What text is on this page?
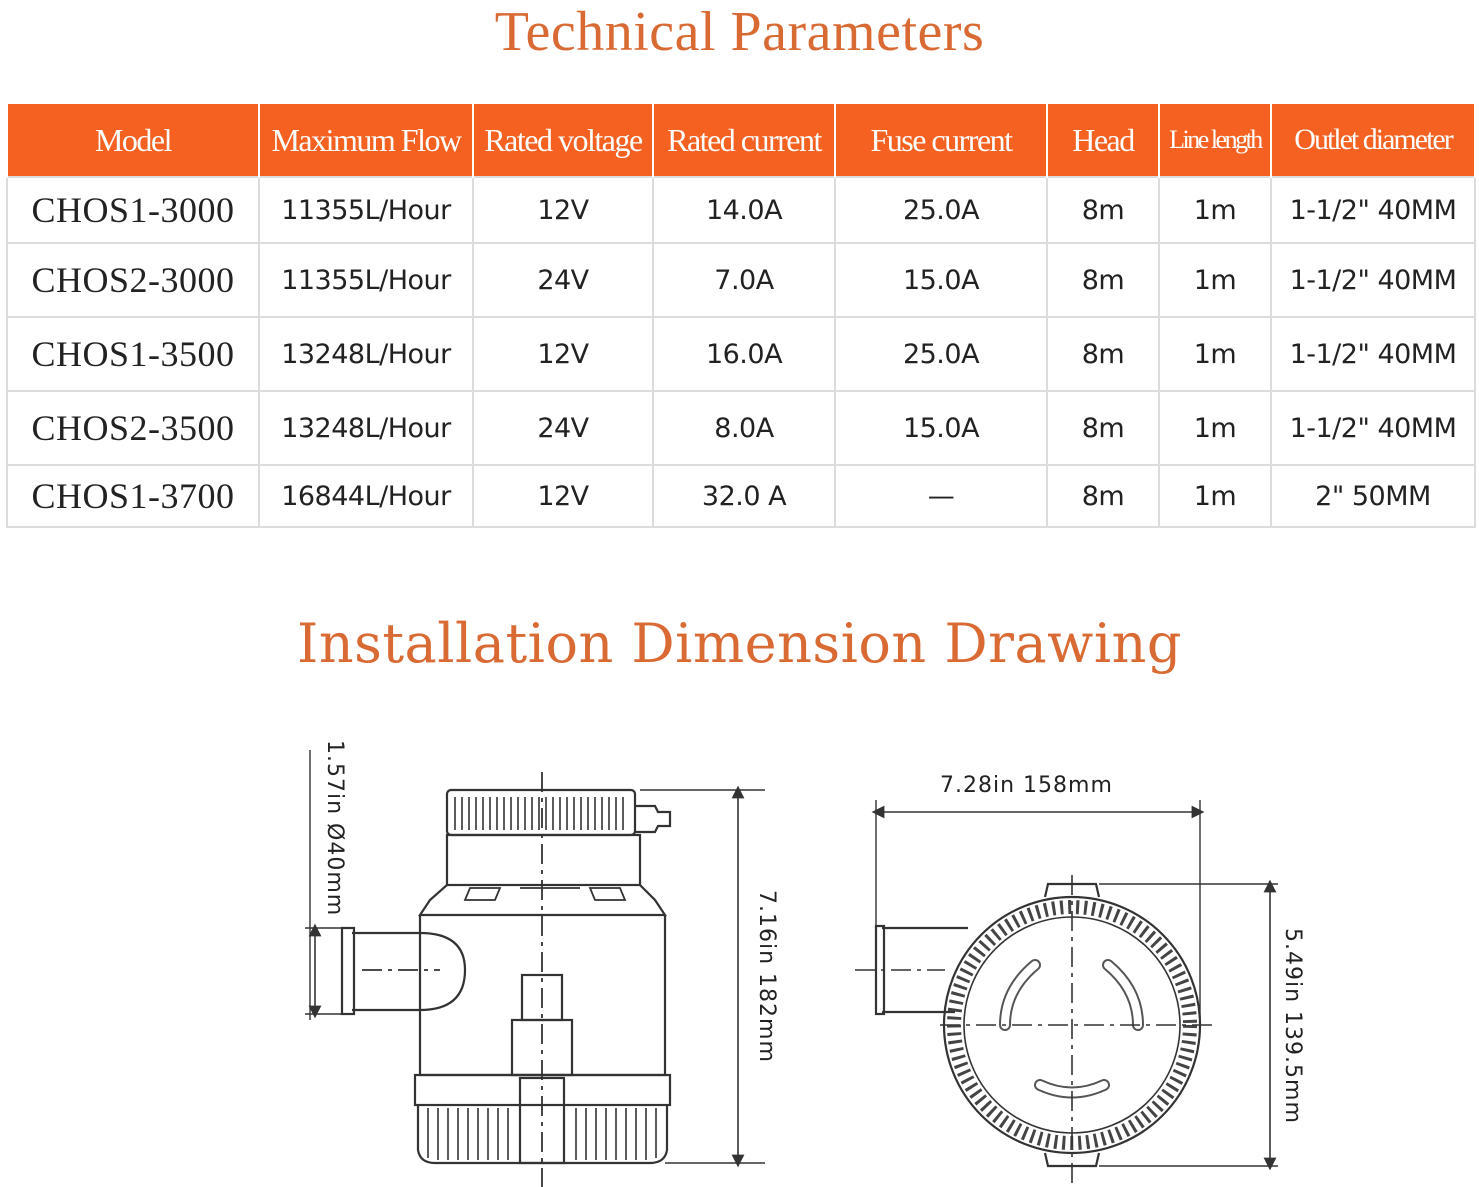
Technical Parameters
Model	Maximum Flow	Rated voltage	Rated current	Fuse current	Head	Line length	Outlet diameter
CHOS1-3000	11355L/Hour	12V	14.0A	25.0A	8m	1m	1-1/2" 40MM
CHOS2-3000	11355L/Hour	24V	7.0A	15.0A	8m	1m	1-1/2" 40MM
CHOS1-3500	13248L/Hour	12V	16.0A	25.0A	8m	1m	1-1/2" 40MM
CHOS2-3500	13248L/Hour	24V	8.0A	15.0A	8m	1m	1-1/2" 40MM
CHOS1-3700	16844L/Hour	12V	32.0 A	—	8m	1m	2" 50MM
Installation Dimension Drawing
1.57in Ø40mm
7.16in 182mm
7.28in 158mm
5.49in 139.5mm
